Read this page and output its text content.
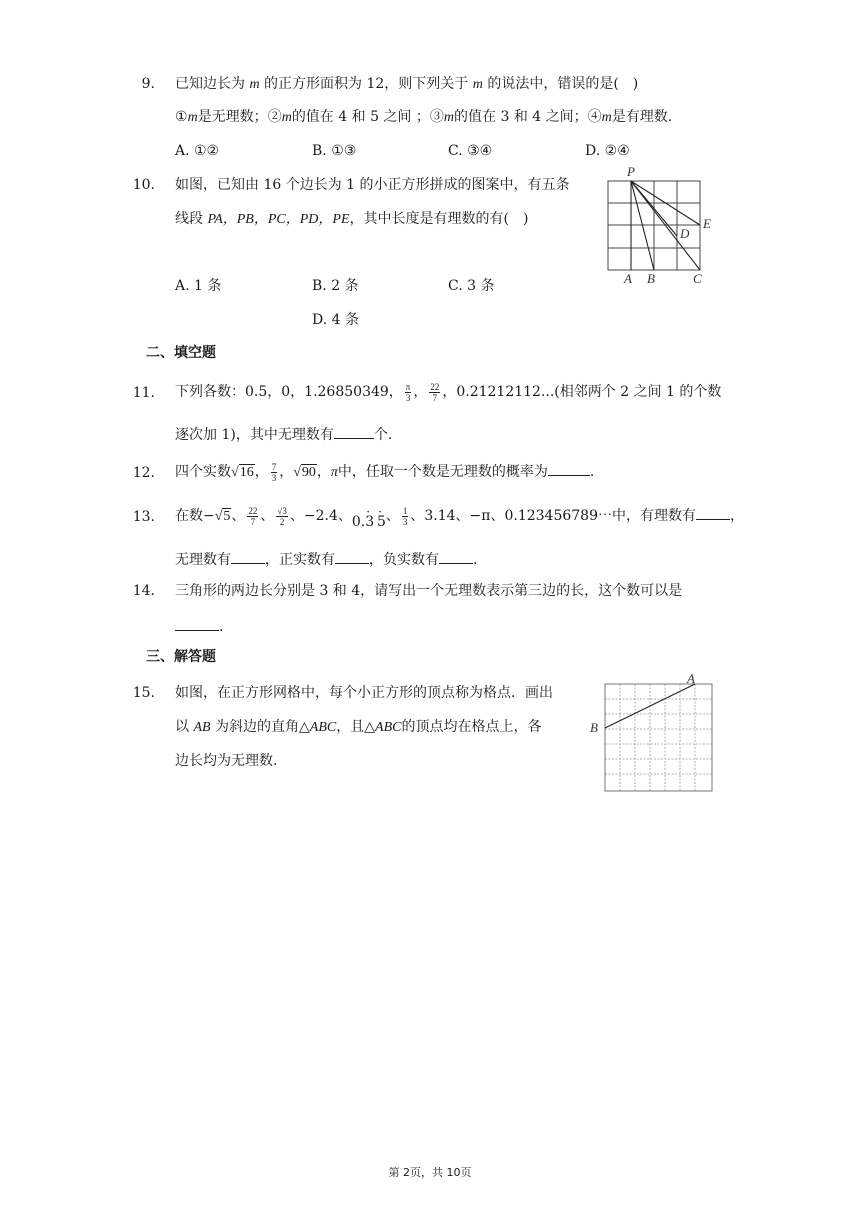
9. 已知边长为 m 的正方形面积为 12，则下列关于 m 的说法中，错误的是(　)
①m是无理数；②m的值在 4 和 5 之间 ；③m的值在 3 和 4 之间；④m是有理数.
A. ①②	B. ①③	C. ③④	D. ②④
10. 如图，已知由 16 个边长为 1 的小正方形拼成的图案中，有五条
线段 PA，PB，PC，PD，PE，其中长度是有理数的有(　)
A. 1 条	B. 2 条	C. 3 条
D. 4 条
P
E
D
A B	C
二、填空题
11. 下列各数：0.5，0，1.26850349， $\frac{\pi}{3}$ ， $\frac{22}{7}$ ，0.21212112...(相邻两个 2 之间 1 的个数
逐次加 1)，其中无理数有	个.
12. 四个实数√16， $\frac{7}{3}$ ，√90，π中，任取一个数是无理数的概率为	.
13. 在数−√5、 $\frac{22}{7}$ 、 $\frac{√3}{2}$ 、−2.4、0.· 3 · 5、 $\frac{1}{3}$ 、3.14、−π、0.123456789⋯中，有理数有 ，
无理数有 ，正实数有 ，负实数有 .
14. 三角形的两边长分别是 3 和 4，请写出一个无理数表示第三边的长，这个数可以是
.
三、解答题
15. 如图，在正方形网格中，每个小正方形的顶点称为格点．画出
以 AB 为斜边的直角△ABC，且△ABC的顶点均在格点上，各
边长均为无理数.
A
B
第 2页，共 10页
